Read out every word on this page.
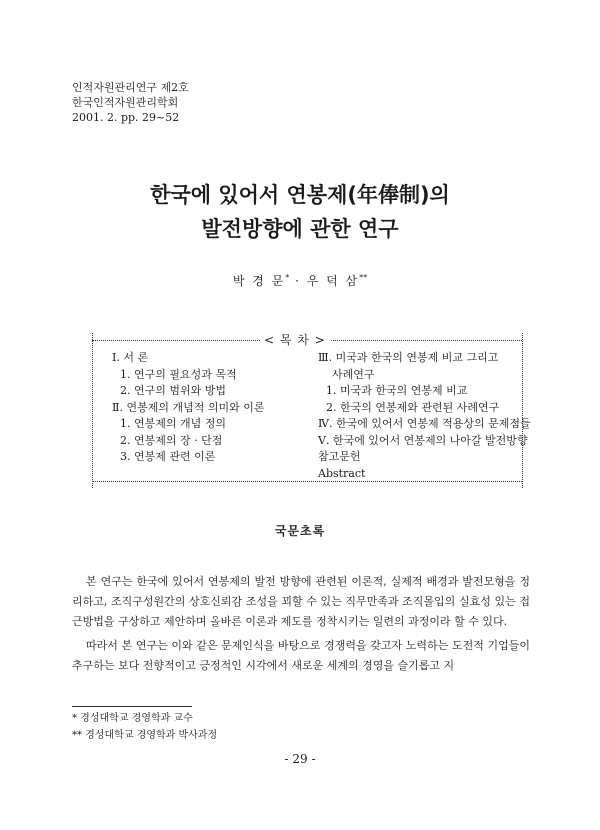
인적자원관리연구 제2호
한국인적자원관리학회
2001. 2. pp. 29~52
한국에 있어서 연봉제(年俸制)의
발전방향에 관한 연구
박 경 문* · 우 덕 삼**
< 목 차 >
Ⅰ. 서 론
1. 연구의 필요성과 목적
2. 연구의 범위와 방법
Ⅱ. 연봉제의 개념적 의미와 이론
1. 연봉제의 개념 정의
2. 연봉제의 장 · 단점
3. 연봉제 관련 이론
Ⅲ. 미국과 한국의 연봉제 비교 그리고
사례연구
1. 미국과 한국의 연봉제 비교
2. 한국의 연봉제와 관련된 사례연구
Ⅳ. 한국에 있어서 연봉제 적용상의 문제점들
Ⅴ. 한국에 있어서 연봉제의 나아갈 발전방향
참고문헌
Abstract
국문초록

본 연구는 한국에 있어서 연봉제의 발전 방향에 관련된 이론적, 실제적 배경과 발전모형을 정리하고, 조직구성원간의 상호신뢰감 조성을 꾀할 수 있는 직무만족과 조직몰입의 실효성 있는 접근방법을 구상하고 제안하며 올바른 이론과 제도를 정착시키는 일련의 과정이라 할 수 있다.

따라서 본 연구는 이와 같은 문제인식을 바탕으로 경쟁력을 갖고자 노력하는 도전적 기업들이 추구하는 보다 전향적이고 긍정적인 시각에서 새로운 세계의 경영을 슬기롭고 지

* 경성대학교 경영학과 교수
** 경성대학교 경영학과 박사과정
- 29 -
